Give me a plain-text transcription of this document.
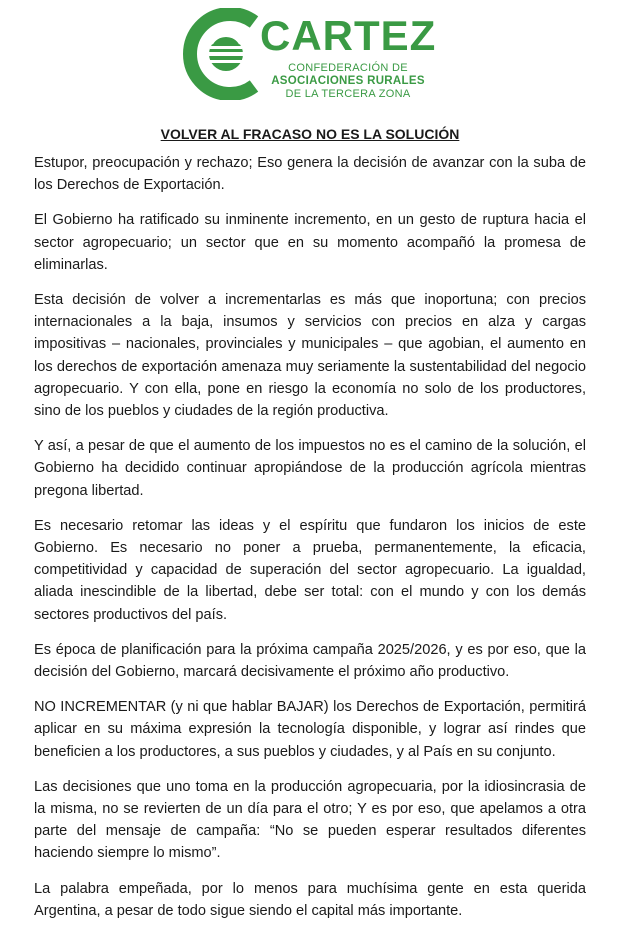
CARTEZ
CONFEDERACIÓN DE
ASOCIACIONES RURALES
DE LA TERCERA ZONA
VOLVER AL FRACASO NO ES LA SOLUCIÓN

Estupor, preocupación y rechazo; Eso genera la decisión de avanzar con la suba de los Derechos de Exportación.

El Gobierno ha ratificado su inminente incremento, en un gesto de ruptura hacia el sector agropecuario; un sector que en su momento acompañó la promesa de eliminarlas.

Esta decisión de volver a incrementarlas es más que inoportuna; con precios internacionales a la baja, insumos y servicios con precios en alza y cargas impositivas – nacionales, provinciales y municipales – que agobian, el aumento en los derechos de exportación amenaza muy seriamente la sustentabilidad del negocio agropecuario. Y con ella, pone en riesgo la economía no solo de los productores, sino de los pueblos y ciudades de la región productiva.

Y así, a pesar de que el aumento de los impuestos no es el camino de la solución, el Gobierno ha decidido continuar apropiándose de la producción agrícola mientras pregona libertad.

Es necesario retomar las ideas y el espíritu que fundaron los inicios de este Gobierno. Es necesario no poner a prueba, permanentemente, la eficacia, competitividad y capacidad de superación del sector agropecuario. La igualdad, aliada inescindible de la libertad, debe ser total: con el mundo y con los demás sectores productivos del país.

Es época de planificación para la próxima campaña 2025/2026, y es por eso, que la decisión del Gobierno, marcará decisivamente el próximo año productivo.

NO INCREMENTAR (y ni que hablar BAJAR) los Derechos de Exportación, permitirá aplicar en su máxima expresión la tecnología disponible, y lograr así rindes que beneficien a los productores, a sus pueblos y ciudades, y al País en su conjunto.

Las decisiones que uno toma en la producción agropecuaria, por la idiosincrasia de la misma, no se revierten de un día para el otro; Y es por eso, que apelamos a otra parte del mensaje de campaña: “No se pueden esperar resultados diferentes haciendo siempre lo mismo”.

La palabra empeñada, por lo menos para muchísima gente en esta querida Argentina, a pesar de todo sigue siendo el capital más importante.
